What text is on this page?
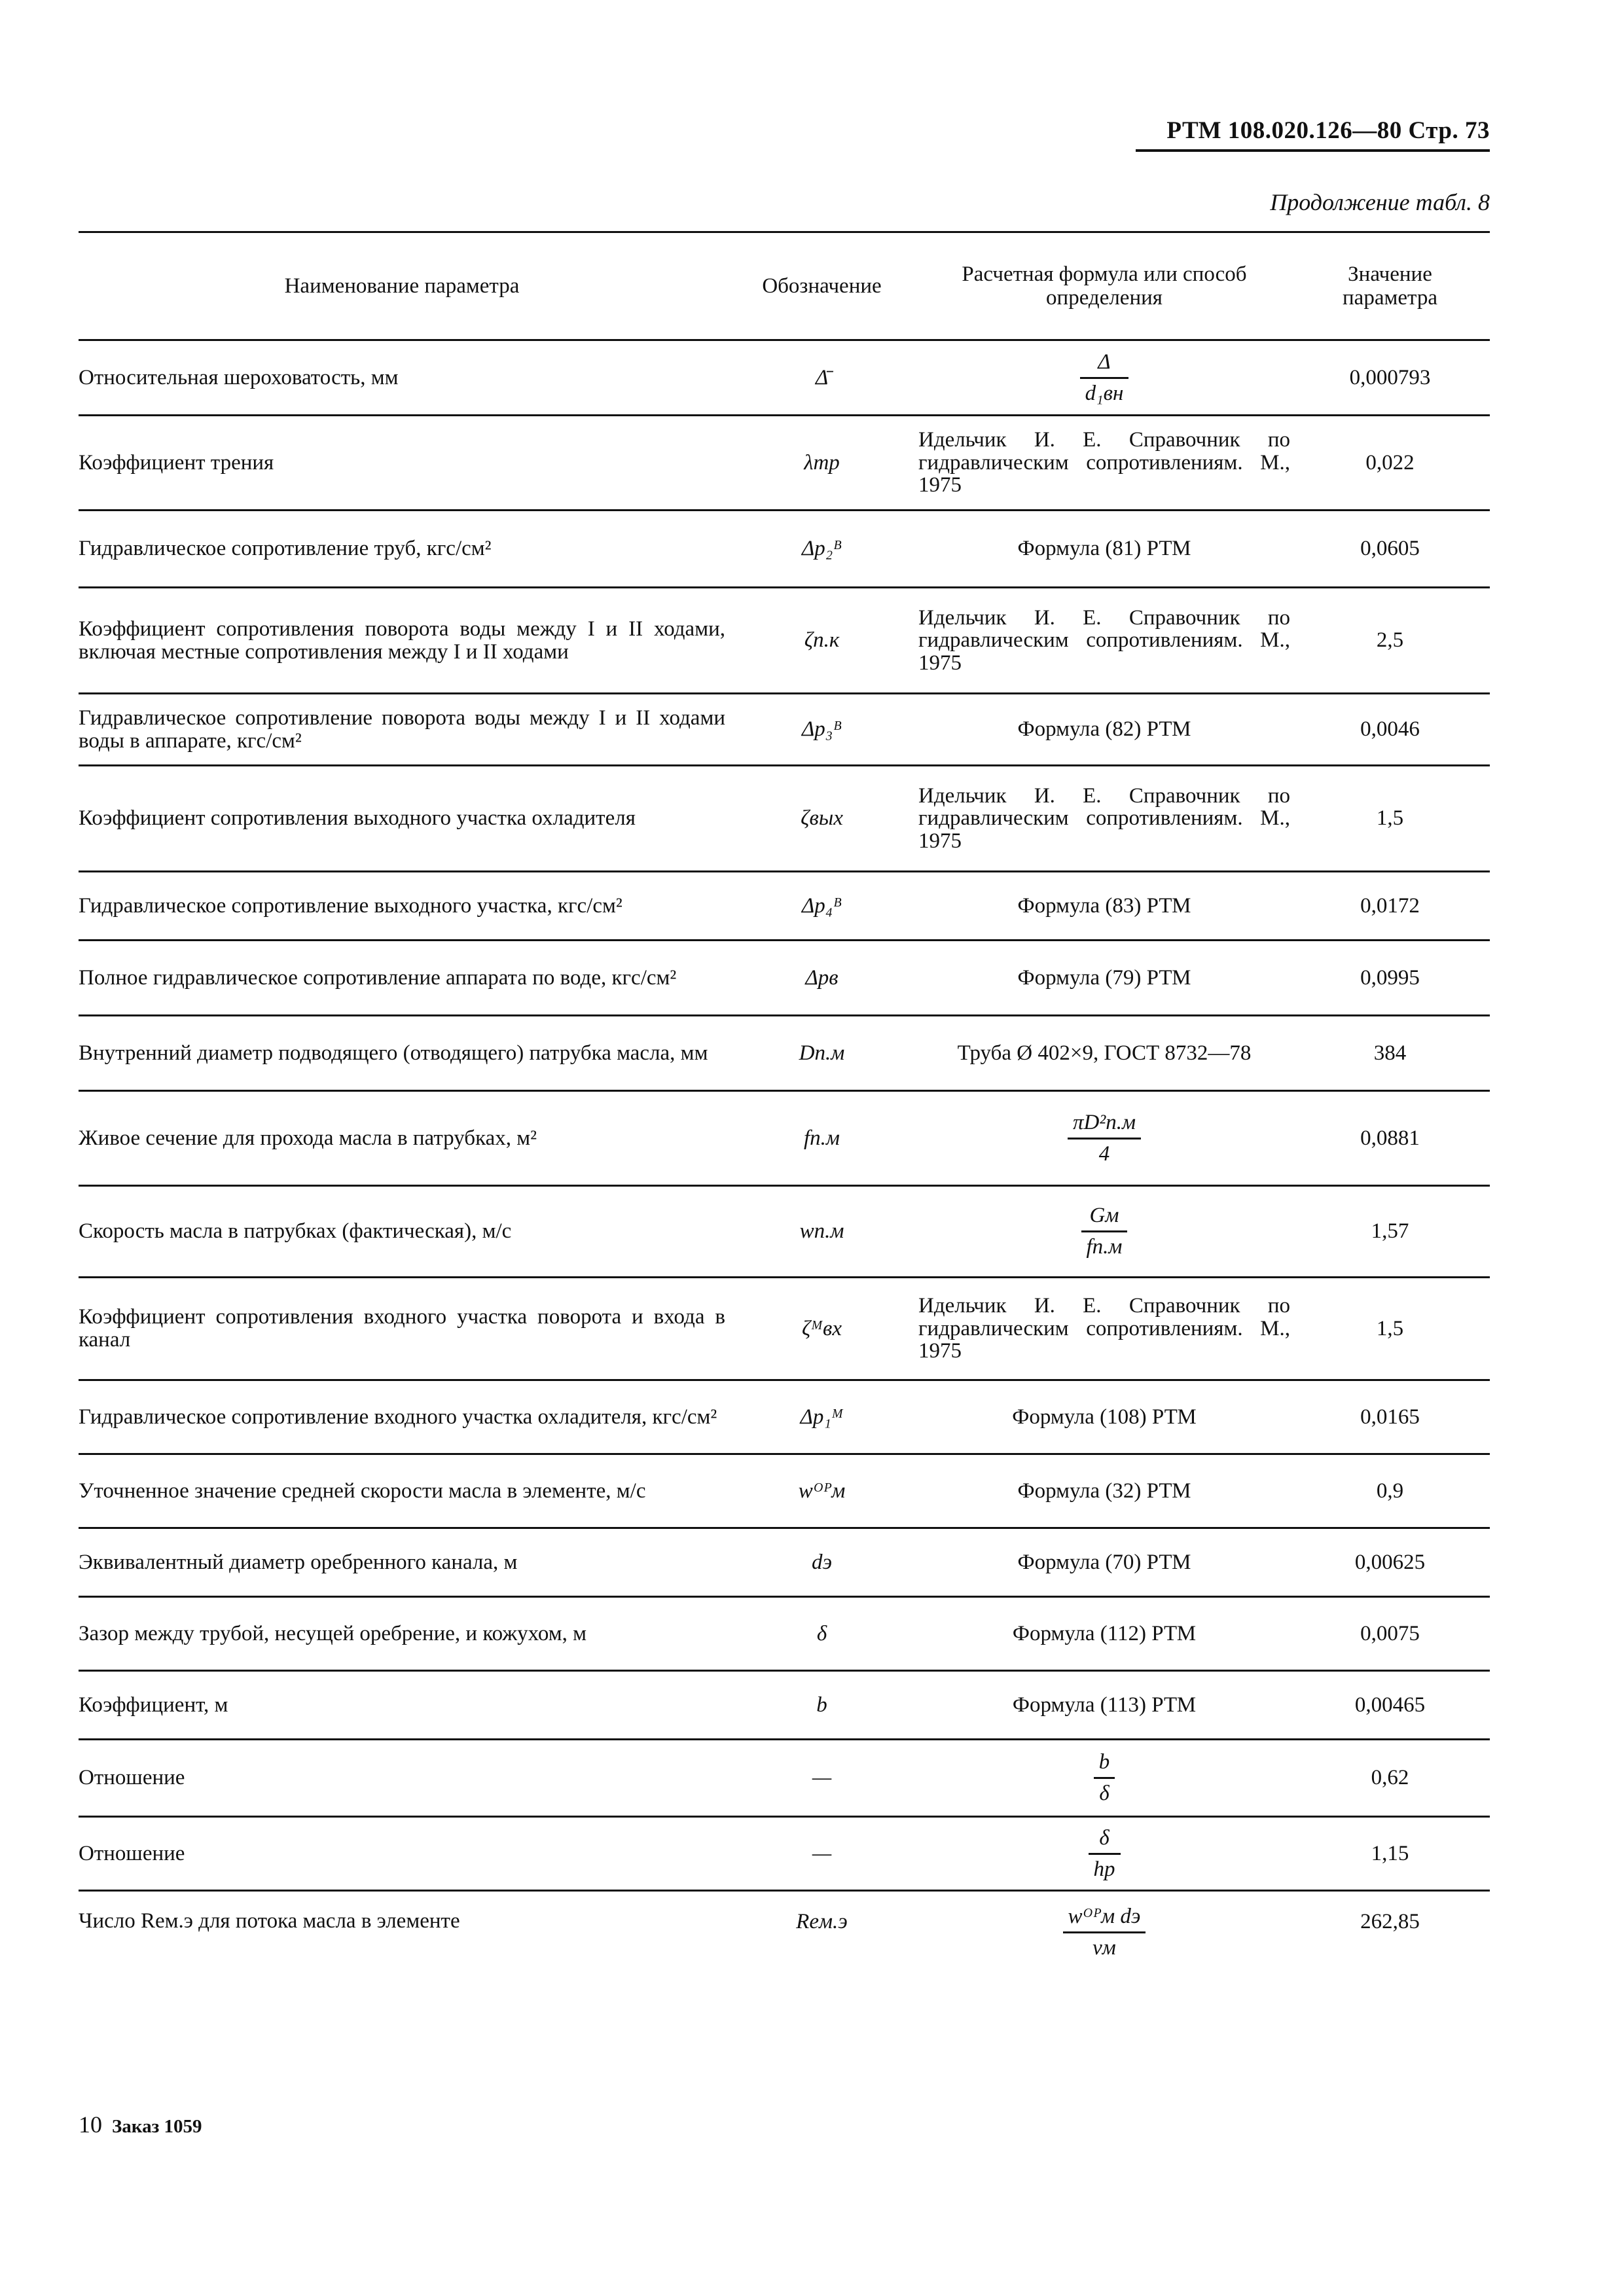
РТМ 108.020.126—80 Стр. 73
Продолжение табл. 8
Наименование параметра	Обозначение	Расчетная формула или способ определения	Значение параметра
Относительная шероховатость, мм	Δ̄	$\frac{\Delta}{\text{d₁вн}}$	0,000793
Коэффициент трения	λтр	Идельчик И. Е. Справочник по гидравлическим сопротивлениям. М., 1975	0,022
Гидравлическое сопротивление труб, кгс/см²	Δp₂ᴮ	Формула (81) РТМ	0,0605
Коэффициент сопротивления поворота воды между I и II ходами, включая местные сопротивления между I и II ходами	ζп.к	Идельчик И. Е. Справочник по гидравлическим сопротивлениям. М., 1975	2,5
Гидравлическое сопротивление поворота воды между I и II ходами воды в аппарате, кгс/см²	Δp₃ᴮ	Формула (82) РТМ	0,0046
Коэффициент сопротивления выходного участка охладителя	ζвых	Идельчик И. Е. Справочник по гидравлическим сопротивлениям. М., 1975	1,5
Гидравлическое сопротивление выходного участка, кгс/см²	Δp₄ᴮ	Формула (83) РТМ	0,0172
Полное гидравлическое сопротивление аппарата по воде, кгс/см²	Δpв	Формула (79) РТМ	0,0995
Внутренний диаметр подводящего (отводящего) патрубка масла, мм	Dп.м	Труба Ø 402×9, ГОСТ 8732—78	384
Живое сечение для прохода масла в патрубках, м²	fп.м	$\frac{\text{πD²п.м}}{4}$	0,0881
Скорость масла в патрубках (фактическая), м/с	wп.м	$\frac{Gм}{fп.м}$	1,57
Коэффициент сопротивления входного участка поворота и входа в канал	ζᴹвх	Идельчик И. Е. Справочник по гидравлическим сопротивлениям. М., 1975	1,5
Гидравлическое сопротивление входного участка охладителя, кгс/см²	Δp₁ᴹ	Формула (108) РТМ	0,0165
Уточненное значение средней скорости масла в элементе, м/с	wᴼᴾм	Формула (32) РТМ	0,9
Эквивалентный диаметр оребренного канала, м	dэ	Формула (70) РТМ	0,00625
Зазор между трубой, несущей оребрение, и кожухом, м	δ	Формула (112) РТМ	0,0075
Коэффициент, м	b	Формула (113) РТМ	0,00465
Отношение	—	$\frac{b}{\delta}$	0,62
Отношение	—	$\frac{\delta}{hр}$	1,15
Число Reм.э для потока масла в элементе	Reм.э	$\frac{\text{wᴼᴾм dэ}}{\nu м}$	262,85
10 Заказ 1059
